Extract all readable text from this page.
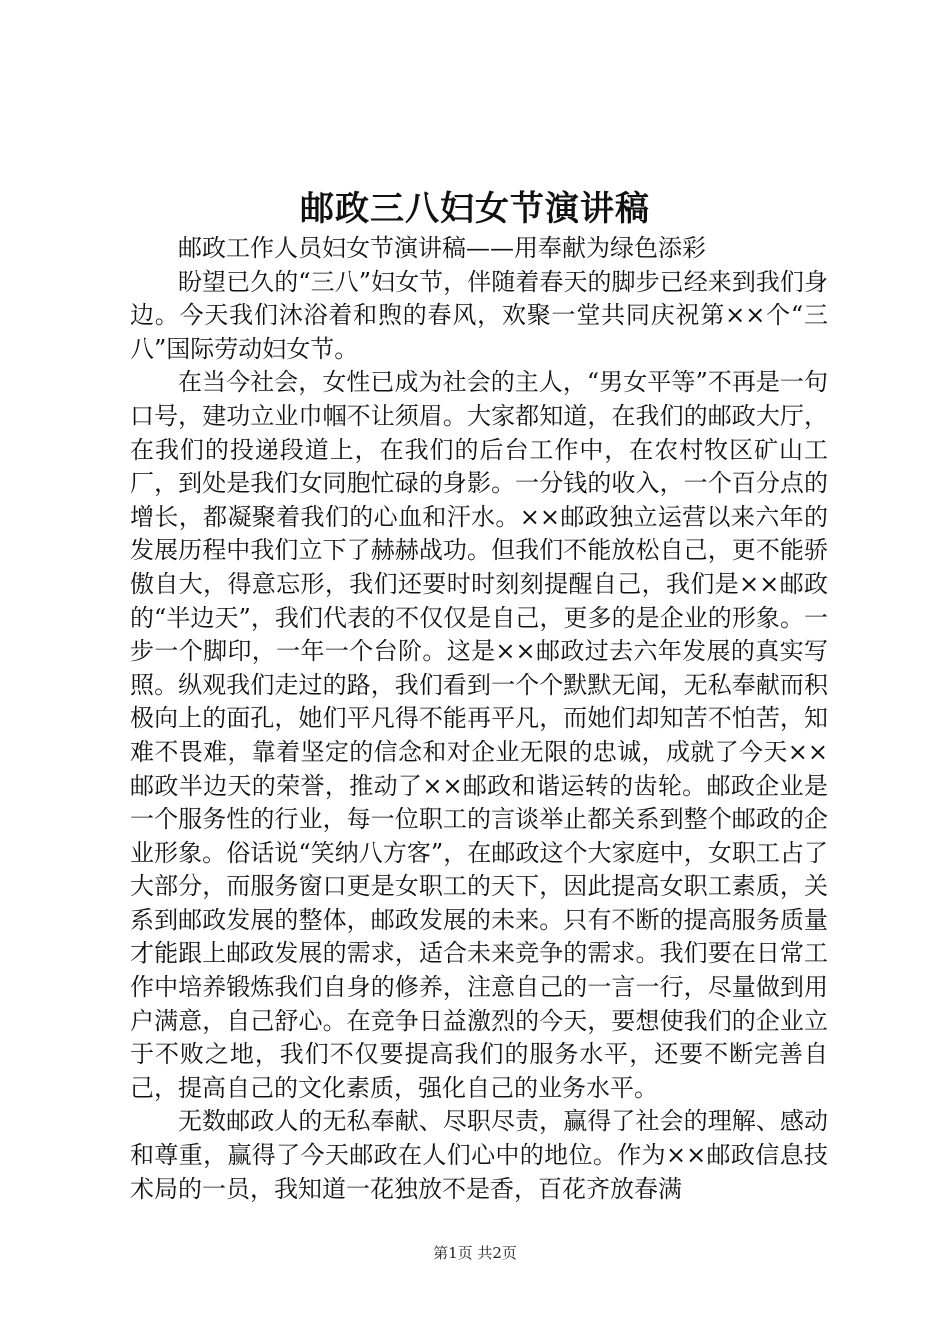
邮政三八妇女节演讲稿

邮政工作人员妇女节演讲稿——用奉献为绿色添彩

盼望已久的“三八”妇女节，伴随着春天的脚步已经来到我们身边。今天我们沐浴着和煦的春风，欢聚一堂共同庆祝第××个“三八”国际劳动妇女节。

在当今社会，女性已成为社会的主人，“男女平等”不再是一句口号，建功立业巾帼不让须眉。大家都知道，在我们的邮政大厅，在我们的投递段道上，在我们的后台工作中，在农村牧区矿山工厂，到处是我们女同胞忙碌的身影。一分钱的收入，一个百分点的增长，都凝聚着我们的心血和汗水。××邮政独立运营以来六年的发展历程中我们立下了赫赫战功。但我们不能放松自己，更不能骄傲自大，得意忘形，我们还要时时刻刻提醒自己，我们是××邮政的“半边天”，我们代表的不仅仅是自己，更多的是企业的形象。一步一个脚印，一年一个台阶。这是××邮政过去六年发展的真实写照。纵观我们走过的路，我们看到一个个默默无闻，无私奉献而积极向上的面孔，她们平凡得不能再平凡，而她们却知苦不怕苦，知难不畏难，靠着坚定的信念和对企业无限的忠诚，成就了今天××邮政半边天的荣誉，推动了××邮政和谐运转的齿轮。邮政企业是一个服务性的行业，每一位职工的言谈举止都关系到整个邮政的企业形象。俗话说“笑纳八方客”，在邮政这个大家庭中，女职工占了大部分，而服务窗口更是女职工的天下，因此提高女职工素质，关系到邮政发展的整体，邮政发展的未来。只有不断的提高服务质量才能跟上邮政发展的需求，适合未来竞争的需求。我们要在日常工作中培养锻炼我们自身的修养，注意自己的一言一行，尽量做到用户满意，自己舒心。在竞争日益激烈的今天，要想使我们的企业立于不败之地，我们不仅要提高我们的服务水平，还要不断完善自己，提高自己的文化素质，强化自己的业务水平。

无数邮政人的无私奉献、尽职尽责，赢得了社会的理解、感动和尊重，赢得了今天邮政在人们心中的地位。作为××邮政信息技术局的一员，我知道一花独放不是香，百花齐放春满

第1页 共2页
